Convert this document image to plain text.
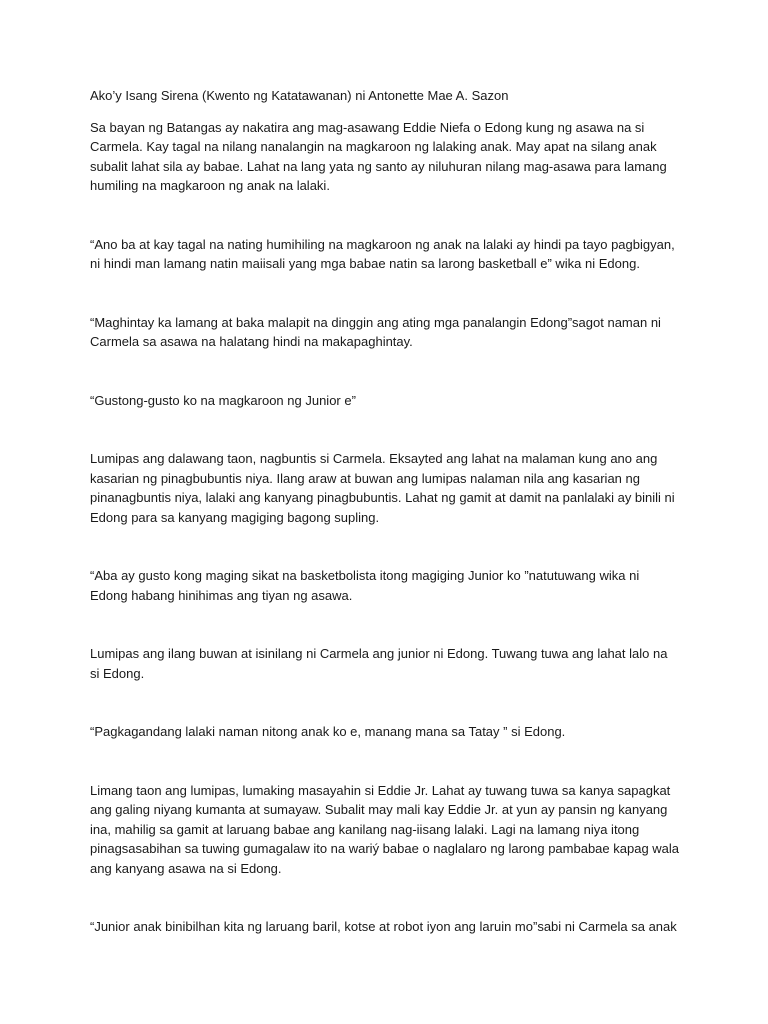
Ako’y Isang Sirena (Kwento ng Katatawanan) ni Antonette Mae A. Sazon

Sa bayan ng Batangas ay nakatira ang mag-asawang Eddie Niefa o Edong kung ng asawa na si Carmela. Kay tagal na nilang nanalangin na magkaroon ng lalaking anak. May apat na silang anak subalit lahat sila ay babae. Lahat na lang yata ng santo ay niluhuran nilang mag-asawa para lamang humiling na magkaroon ng anak na lalaki.

“Ano ba at kay tagal na nating humihiling na magkaroon ng anak na lalaki ay hindi pa tayo pagbigyan, ni hindi man lamang natin maiisali yang mga babae natin sa larong basketball e” wika ni Edong.

“Maghintay ka lamang at baka malapit na dinggin ang ating mga panalangin Edong”sagot naman ni Carmela sa asawa na halatang hindi na makapaghintay.

“Gustong-gusto ko na magkaroon ng Junior e”

Lumipas ang dalawang taon, nagbuntis si Carmela. Eksayted ang lahat na malaman kung ano ang kasarian ng pinagbubuntis niya. Ilang araw at buwan ang lumipas nalaman nila ang kasarian ng pinanagbuntis niya, lalaki ang kanyang pinagbubuntis. Lahat ng gamit at damit na panlalaki ay binili ni Edong para sa kanyang magiging bagong supling.

“Aba ay gusto kong maging sikat na basketbolista itong magiging Junior ko ”natutuwang wika ni Edong habang hinihimas ang tiyan ng asawa.

Lumipas ang ilang buwan at isinilang ni Carmela ang junior ni Edong. Tuwang tuwa ang lahat lalo na si Edong.

“Pagkagandang lalaki naman nitong anak ko e, manang mana sa Tatay ” si Edong.

Limang taon ang lumipas, lumaking masayahin si Eddie Jr. Lahat ay tuwang tuwa sa kanya sapagkat ang galing niyang kumanta at sumayaw. Subalit may mali kay Eddie Jr. at yun ay pansin ng kanyang ina, mahilig sa gamit at laruang babae ang kanilang nag-iisang lalaki. Lagi na lamang niya itong pinagsasabihan sa tuwing gumagalaw ito na wariý babae o naglalaro ng larong pambabae kapag wala ang kanyang asawa na si Edong.

“Junior anak binibilhan kita ng laruang baril, kotse at robot iyon ang laruin mo”sabi ni Carmela sa anak
